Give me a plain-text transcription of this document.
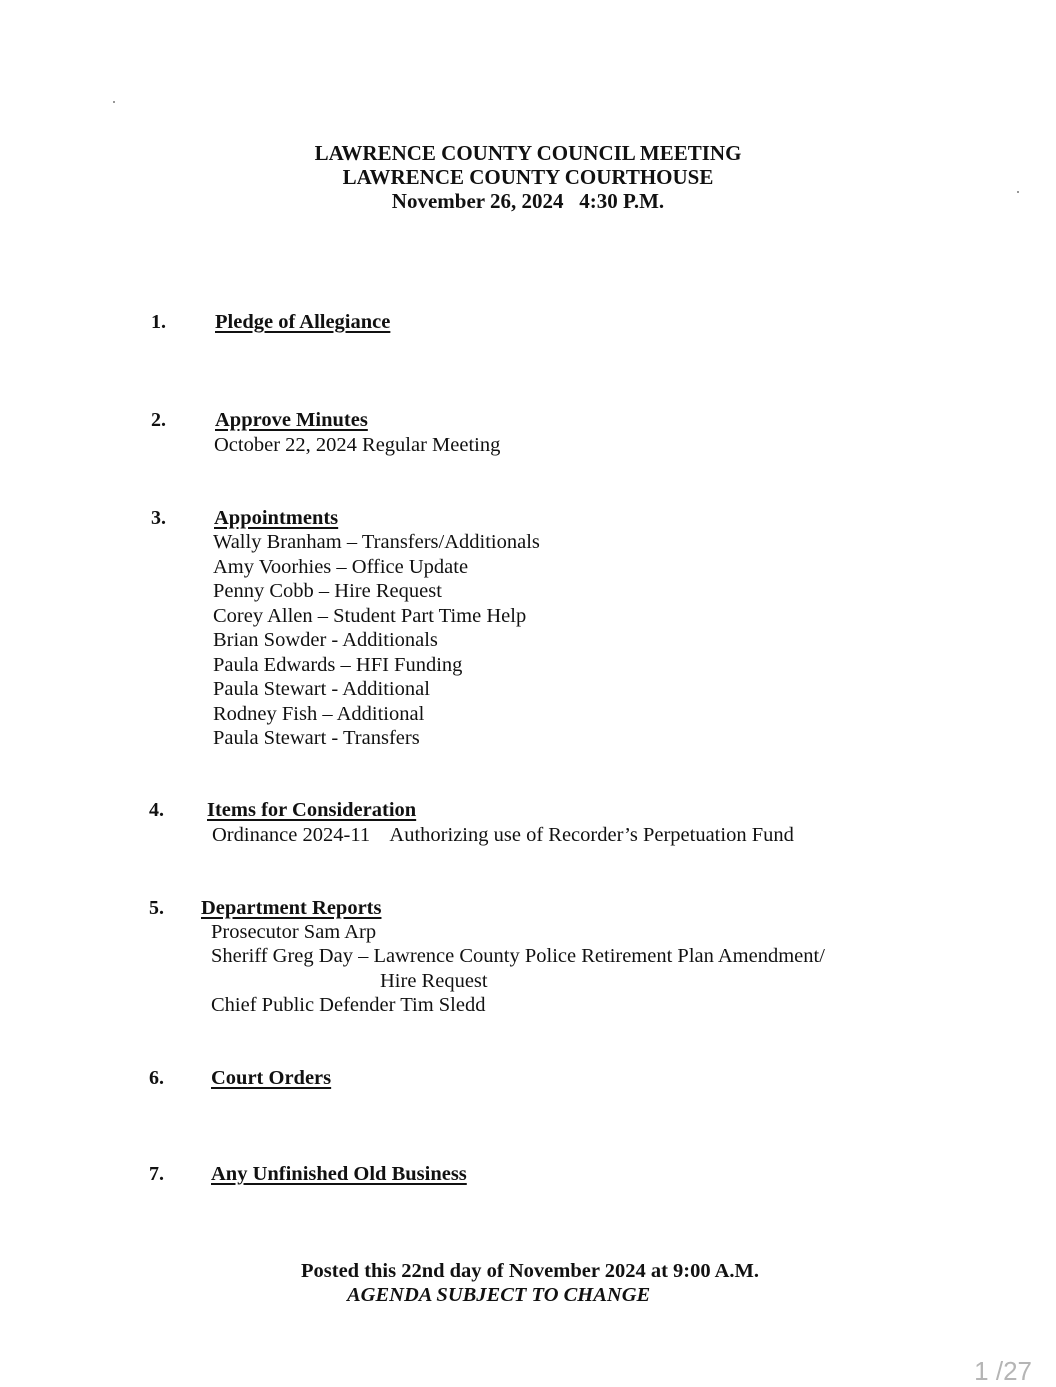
LAWRENCE COUNTY COUNCIL MEETING
LAWRENCE COUNTY COURTHOUSE
November 26, 2024   4:30 P.M.
1. Pledge of Allegiance
2. Approve Minutes
October 22, 2024 Regular Meeting
3. Appointments
Wally Branham – Transfers/Additionals
Amy Voorhies – Office Update
Penny Cobb – Hire Request
Corey Allen – Student Part Time Help
Brian Sowder - Additionals
Paula Edwards – HFI Funding
Paula Stewart - Additional
Rodney Fish – Additional
Paula Stewart - Transfers
4. Items for Consideration
Ordinance 2024-11    Authorizing use of Recorder’s Perpetuation Fund
5. Department Reports
Prosecutor Sam Arp
Sheriff Greg Day – Lawrence County Police Retirement Plan Amendment/
Hire Request
Chief Public Defender Tim Sledd
6. Court Orders
7. Any Unfinished Old Business
Posted this 22nd day of November 2024 at 9:00 A.M.
AGENDA SUBJECT TO CHANGE
1 /27
